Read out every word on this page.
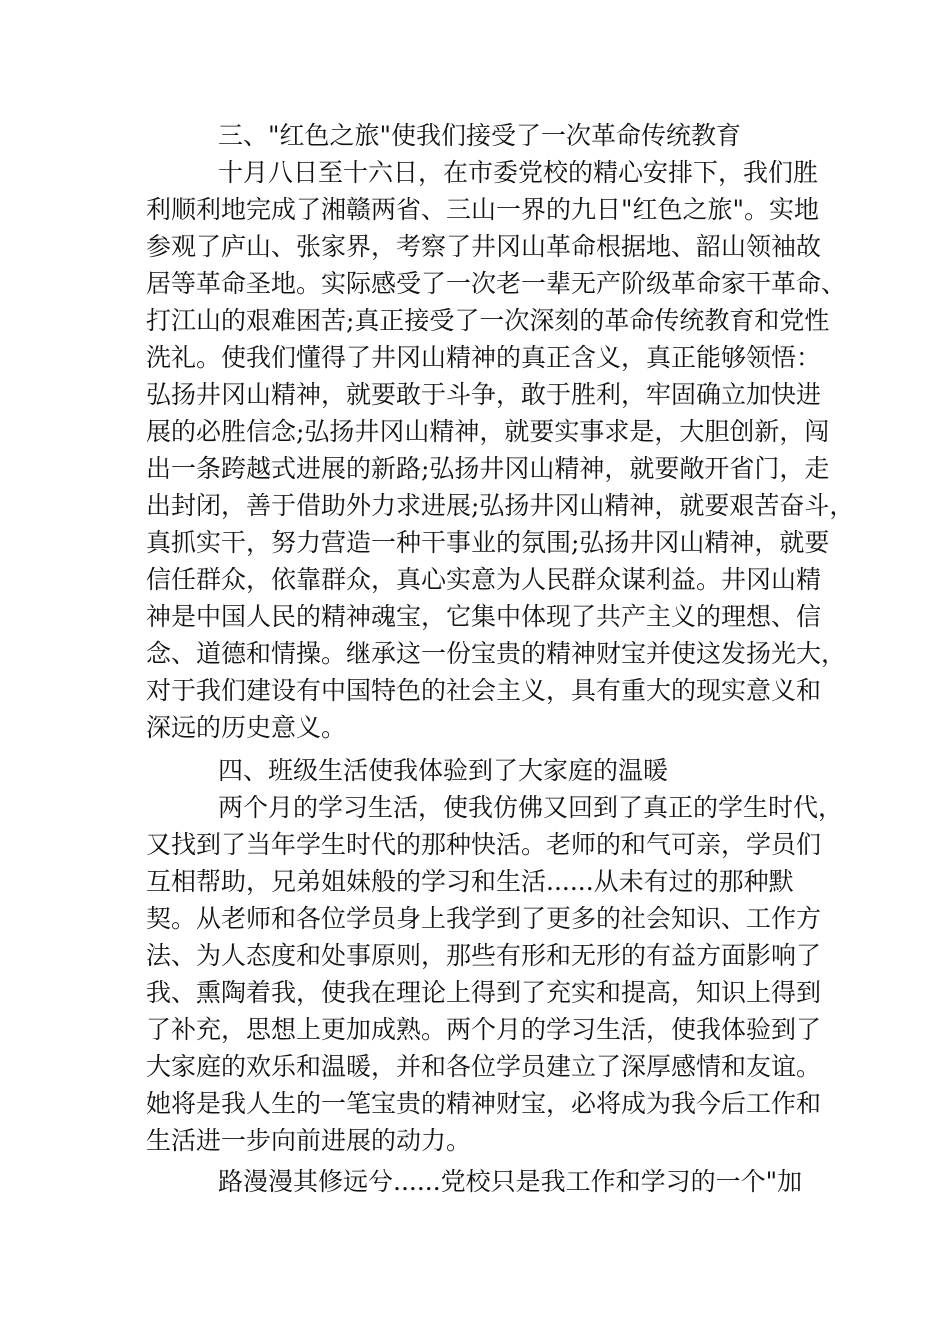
三、"红色之旅"使我们接受了一次革命传统教育
十月八日至十六日，在市委党校的精心安排下，我们胜
利顺利地完成了湘赣两省、三山一界的九日"红色之旅"。实地
参观了庐山、张家界，考察了井冈山革命根据地、韶山领袖故
居等革命圣地。实际感受了一次老一辈无产阶级革命家干革命、
打江山的艰难困苦;真正接受了一次深刻的革命传统教育和党性
洗礼。使我们懂得了井冈山精神的真正含义，真正能够领悟：
弘扬井冈山精神，就要敢于斗争，敢于胜利，牢固确立加快进
展的必胜信念;弘扬井冈山精神，就要实事求是，大胆创新，闯
出一条跨越式进展的新路;弘扬井冈山精神，就要敞开省门，走
出封闭，善于借助外力求进展;弘扬井冈山精神，就要艰苦奋斗，
真抓实干，努力营造一种干事业的氛围;弘扬井冈山精神，就要
信任群众，依靠群众，真心实意为人民群众谋利益。井冈山精
神是中国人民的精神魂宝，它集中体现了共产主义的理想、信
念、道德和情操。继承这一份宝贵的精神财宝并使这发扬光大，
对于我们建设有中国特色的社会主义，具有重大的现实意义和
深远的历史意义。
四、班级生活使我体验到了大家庭的温暖
两个月的学习生活，使我仿佛又回到了真正的学生时代，
又找到了当年学生时代的那种快活。老师的和气可亲，学员们
互相帮助，兄弟姐妹般的学习和生活......从未有过的那种默
契。从老师和各位学员身上我学到了更多的社会知识、工作方
法、为人态度和处事原则，那些有形和无形的有益方面影响了
我、熏陶着我，使我在理论上得到了充实和提高，知识上得到
了补充，思想上更加成熟。两个月的学习生活，使我体验到了
大家庭的欢乐和温暖，并和各位学员建立了深厚感情和友谊。
她将是我人生的一笔宝贵的精神财宝，必将成为我今后工作和
生活进一步向前进展的动力。
路漫漫其修远兮......党校只是我工作和学习的一个"加
